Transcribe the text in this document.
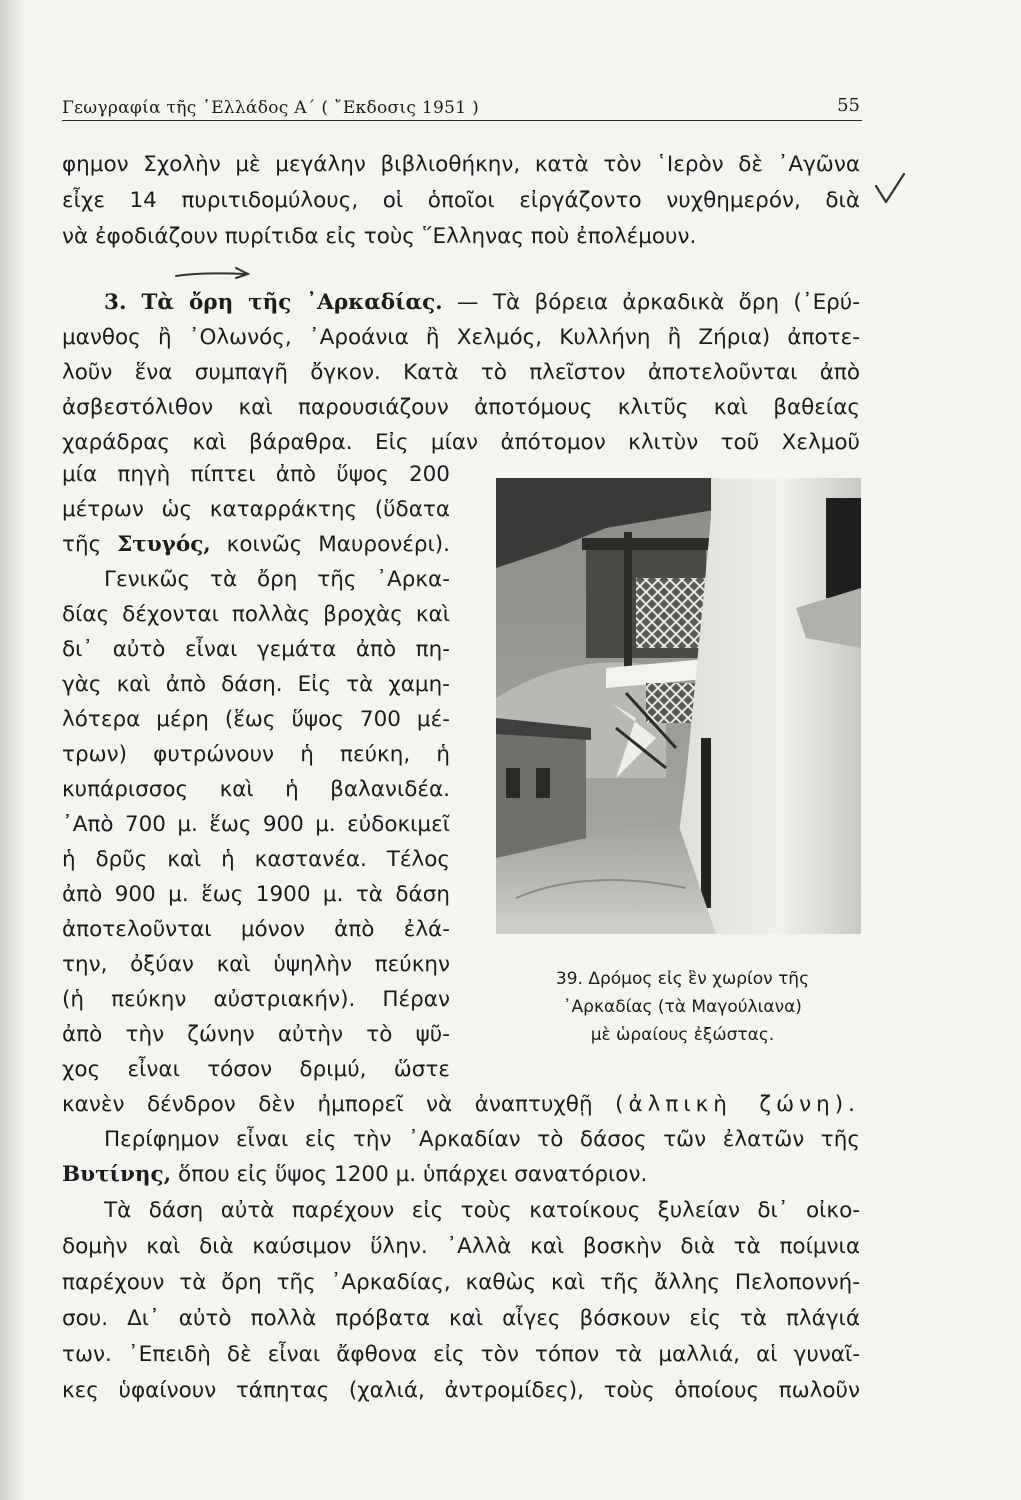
Γεωγραφία τῆς ῾Ελλάδος Α΄ ( ῎Εκδοσις 1951 )	55
φημον Σχολὴν μὲ μεγάλην βιβλιοθήκην, κατὰ τὸν ῾Ιερὸν δὲ ᾿Αγῶνα
εἶχε 14 πυριτιδομύλους, οἱ ὁποῖοι εἰργάζοντο νυχθημερόν, διὰ
νὰ ἐφοδιάζουν πυρίτιδα εἰς τοὺς ῞Ελληνας ποὺ ἐπολέμουν.
3. Τὰ ὄρη τῆς ᾿Αρκαδίας. — Τὰ βόρεια ἀρκαδικὰ ὄρη (᾿Ερύ-
μανθος ἢ ᾿Ολωνός, ᾿Αροάνια ἢ Χελμός, Κυλλήνη ἢ Ζήρια) ἀποτε-
λοῦν ἕνα συμπαγῆ ὄγκον. Κατὰ τὸ πλεῖστον ἀποτελοῦνται ἀπὸ
ἀσβεστόλιθον καὶ παρουσιάζουν ἀποτόμους κλιτῦς καὶ βαθείας
χαράδρας καὶ βάραθρα. Εἰς μίαν ἀπότομον κλιτὺν τοῦ Χελμοῦ
μία πηγὴ πίπτει ἀπὸ ὕψος 200
μέτρων ὡς καταρράκτης (ὕδατα
τῆς Στυγός, κοινῶς Μαυρονέρι).
Γενικῶς τὰ ὄρη τῆς ᾿Αρκα-
δίας δέχονται πολλὰς βροχὰς καὶ
δι᾿ αὐτὸ εἶναι γεμάτα ἀπὸ πη-
γὰς καὶ ἀπὸ δάση. Εἰς τὰ χαμη-
λότερα μέρη (ἕως ὕψος 700 μέ-
τρων) φυτρώνουν ἡ πεύκη, ἡ
κυπάρισσος καὶ ἡ βαλανιδέα.
᾿Απὸ 700 μ. ἕως 900 μ. εὐδοκιμεῖ
ἡ δρῦς καὶ ἡ καστανέα. Τέλος
ἀπὸ 900 μ. ἕως 1900 μ. τὰ δάση
ἀποτελοῦνται μόνον ἀπὸ ἐλά-
την, ὀξύαν καὶ ὑψηλὴν πεύκην
(ἡ πεύκην αὐστριακήν). Πέραν
ἀπὸ τὴν ζώνην αὐτὴν τὸ ψῦ-
χος εἶναι τόσον δριμύ, ὥστε
39. Δρόμος εἰς ἓν χωρίον τῆς
᾿Αρκαδίας (τὰ Μαγούλιανα)
μὲ ὡραίους ἐξώστας.
κανὲν δένδρον δὲν ἠμπορεῖ νὰ ἀναπτυχθῇ (ἀλπικὴ ζώνη).
Περίφημον εἶναι εἰς τὴν ᾿Αρκαδίαν τὸ δάσος τῶν ἐλατῶν τῆς
Βυτίνης, ὅπου εἰς ὕψος 1200 μ. ὑπάρχει σανατόριον.
Τὰ δάση αὐτὰ παρέχουν εἰς τοὺς κατοίκους ξυλείαν δι᾿ οἰκο-
δομὴν καὶ διὰ καύσιμον ὕλην. ᾿Αλλὰ καὶ βοσκὴν διὰ τὰ ποίμνια
παρέχουν τὰ ὄρη τῆς ᾿Αρκαδίας, καθὼς καὶ τῆς ἄλλης Πελοποννή-
σου. Δι᾿ αὐτὸ πολλὰ πρόβατα καὶ αἶγες βόσκουν εἰς τὰ πλάγιά
των. ᾿Επειδὴ δὲ εἶναι ἄφθονα εἰς τὸν τόπον τὰ μαλλιά, αἱ γυναῖ-
κες ὑφαίνουν τάπητας (χαλιά, ἀντρομίδες), τοὺς ὁποίους πωλοῦν
